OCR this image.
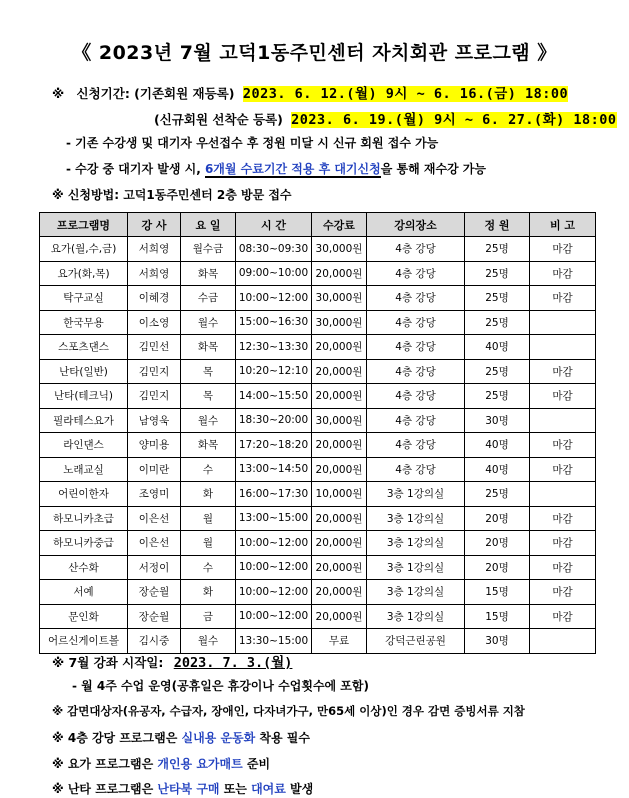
《 2023년 7월 고덕1동주민센터 자치회관 프로그램 》
※ 신청기간: (기존회원 재등록) 2023. 6. 12.(월) 9시 ~ 6. 16.(금) 18:00
(신규회원 선착순 등록) 2023. 6. 19.(월) 9시 ~ 6. 27.(화) 18:00
- 기존 수강생 및 대기자 우선접수 후 정원 미달 시 신규 회원 접수 가능
- 수강 중 대기자 발생 시, 6개월 수료기간 적용 후 대기신청을 통해 재수강 가능
※ 신청방법: 고덕1동주민센터 2층 방문 접수
프로그램명	강 사	요 일	시 간	수강료	강의장소	정 원	비 고
요가(월,수,금)	서희영	월수금	08:30~09:30	30,000원	4층 강당	25명	마감
요가(화,목)	서희영	화목	09:00~10:00	20,000원	4층 강당	25명	마감
탁구교실	이혜경	수금	10:00~12:00	30,000원	4층 강당	25명	마감
한국무용	이소영	월수	15:00~16:30	30,000원	4층 강당	25명	
스포츠댄스	김민선	화목	12:30~13:30	20,000원	4층 강당	40명	
난타(일반)	김민지	목	10:20~12:10	20,000원	4층 강당	25명	마감
난타(테크닉)	김민지	목	14:00~15:50	20,000원	4층 강당	25명	마감
필라테스요가	남영욱	월수	18:30~20:00	30,000원	4층 강당	30명	
라인댄스	양미용	화목	17:20~18:20	20,000원	4층 강당	40명	마감
노래교실	이미란	수	13:00~14:50	20,000원	4층 강당	40명	마감
어린이한자	조영미	화	16:00~17:30	10,000원	3층 1강의실	25명	
하모니카초급	이은선	월	13:00~15:00	20,000원	3층 1강의실	20명	마감
하모니카중급	이은선	월	10:00~12:00	20,000원	3층 1강의실	20명	마감
산수화	서정이	수	10:00~12:00	20,000원	3층 1강의실	20명	마감
서예	장순월	화	10:00~12:00	20,000원	3층 1강의실	15명	마감
문인화	장순월	금	10:00~12:00	20,000원	3층 1강의실	15명	마감
어르신게이트볼	김시중	월수	13:30~15:00	무료	강덕근린공원	30명	
※ 7월 강좌 시작일: 2023. 7. 3.(월)
- 월 4주 수업 운영(공휴일은 휴강이나 수업횟수에 포함)
※ 감면대상자(유공자, 수급자, 장애인, 다자녀가구, 만65세 이상)인 경우 감면 증빙서류 지참
※ 4층 강당 프로그램은 실내용 운동화 착용 필수
※ 요가 프로그램은 개인용 요가매트 준비
※ 난타 프로그램은 난타북 구매 또는 대여료 발생
